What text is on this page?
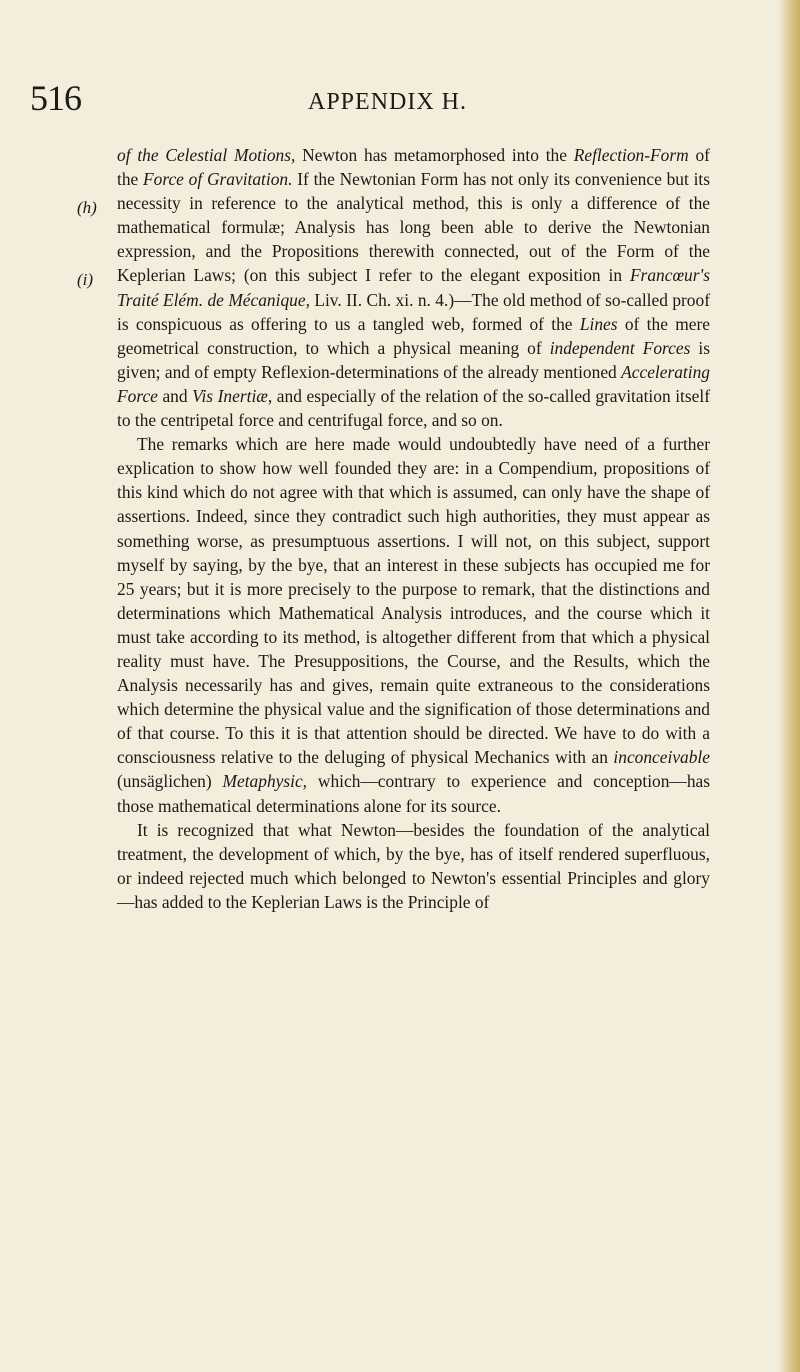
516	APPENDIX H.
(h)
(i)

of the Celestial Motions, Newton has metamorphosed into the Reflection-Form of the Force of Gravitation. If the Newtonian Form has not only its convenience but its necessity in reference to the analytical method, this is only a difference of the mathematical formulæ; Analysis has long been able to derive the Newtonian expression, and the Propositions therewith connected, out of the Form of the Keplerian Laws; (on this subject I refer to the elegant exposition in Francœur's Traité Elém. de Mécanique, Liv. II. Ch. xi. n. 4.)—The old method of so-called proof is conspicuous as offering to us a tangled web, formed of the Lines of the mere geometrical construction, to which a physical meaning of independent Forces is given; and of empty Reflexion-determinations of the already mentioned Accelerating Force and Vis Inertiæ, and especially of the relation of the so-called gravitation itself to the centripetal force and centrifugal force, and so on.

The remarks which are here made would undoubtedly have need of a further explication to show how well founded they are: in a Compendium, propositions of this kind which do not agree with that which is assumed, can only have the shape of assertions. Indeed, since they contradict such high authorities, they must appear as something worse, as presumptuous assertions. I will not, on this subject, support myself by saying, by the bye, that an interest in these subjects has occupied me for 25 years; but it is more precisely to the purpose to remark, that the distinctions and determinations which Mathematical Analysis introduces, and the course which it must take according to its method, is altogether different from that which a physical reality must have. The Presuppositions, the Course, and the Results, which the Analysis necessarily has and gives, remain quite extraneous to the considerations which determine the physical value and the signification of those determinations and of that course. To this it is that attention should be directed. We have to do with a consciousness relative to the deluging of physical Mechanics with an inconceivable (unsäglichen) Metaphysic, which—contrary to experience and conception—has those mathematical determinations alone for its source.

It is recognized that what Newton—besides the foundation of the analytical treatment, the development of which, by the bye, has of itself rendered superfluous, or indeed rejected much which belonged to Newton's essential Principles and glory—has added to the Keplerian Laws is the Principle of
